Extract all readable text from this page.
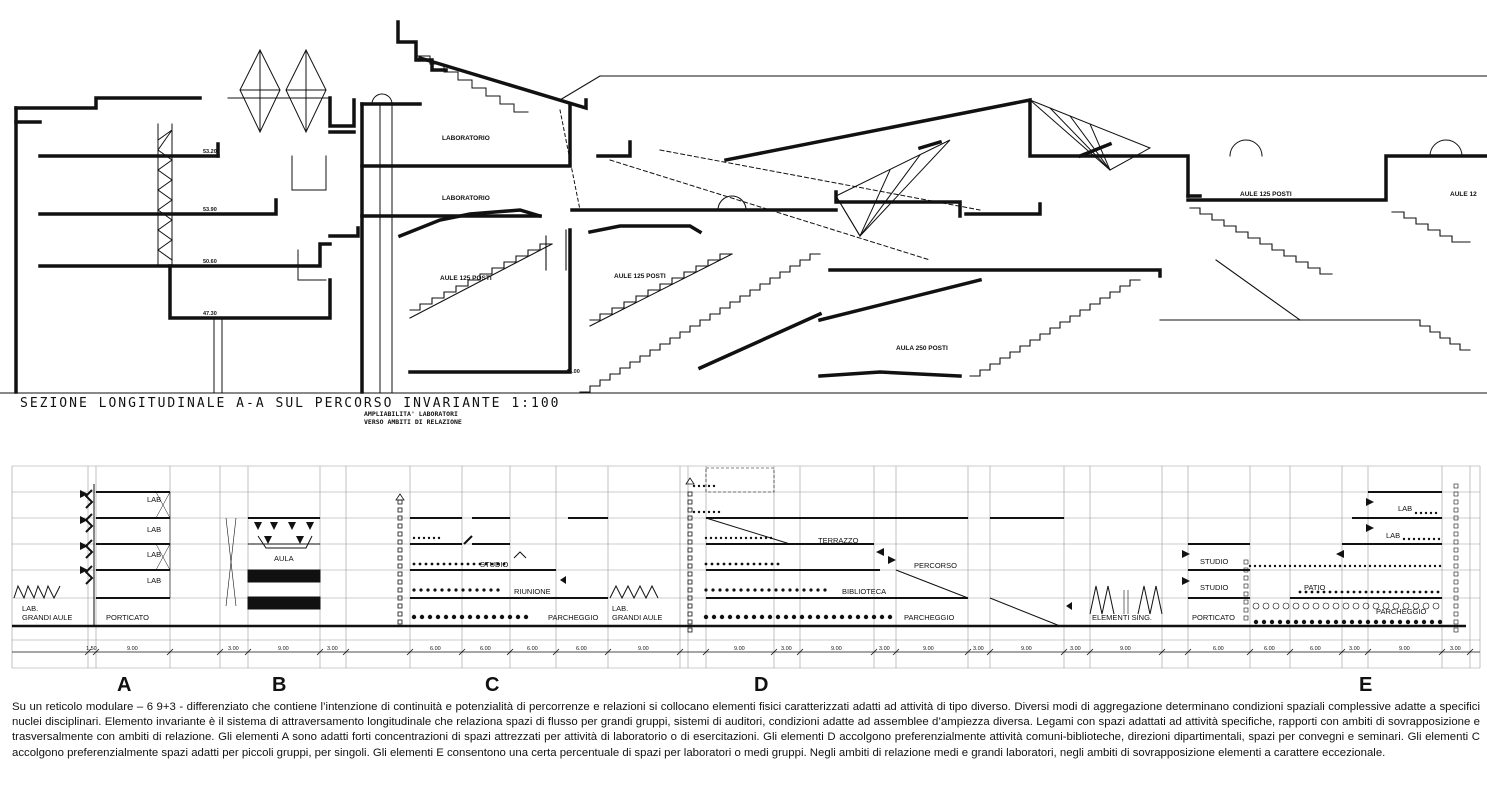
LABORATORIO
LABORATORIO
AULE 125 POSTI	AULE 125 POSTI
AULE 125 POSTI	AULE 12
AULA 250 POSTI
53.20
53.90
50.60
47.30
44.00
1.50	9.00	3.00	9.00	3.00	6.00	6.00	6.00	6.00	9.00	9.00	3.00	9.00	3.00	9.00	3.00	9.00	3.00	9.00	6.00	6.00	6.00	3.00	9.00	3.00
LAB
LAB
LAB
LAB
LAB.
GRANDI AULE	PORTICATO
AULA
PERCORSO
STUDENTI
STUDIO
RIUNIONE
PARCHEGGIO
LAB.
GRANDI AULE
TERRAZZO
PERCORSO
BIBLIOTECA
PARCHEGGIO	ELEMENTI SING.
STUDIO
STUDIO
PORTICATO
PATIO
PARCHEGGIO
LAB
LAB
SEZIONE LONGITUDINALE A-A SUL PERCORSO INVARIANTE 1:100
AMPLIABILITA' LABORATORI
VERSO AMBITI DI RELAZIONE
A	B	C	D	E
Su un reticolo modulare – 6 9+3 - differenziato che contiene l’intenzione di continuità e potenzialità di percorrenze e relazioni si collocano elementi fisici caratterizzati adatti ad attività di tipo diverso. Diversi modi di aggregazione determinano condizioni spaziali complessive adatte a specifici nuclei disciplinari. Elemento invariante è il sistema di attraversamento longitudinale che relaziona spazi di flusso per grandi gruppi, sistemi di auditori, condizioni adatte ad assemblee d’ampiezza diversa. Legami con spazi adattati ad attività specifiche, rapporti con ambiti di sovrapposizione e trasversalmente con ambiti di relazione. Gli elementi A sono adatti forti concentrazioni di spazi attrezzati per attività di laboratorio o di esercitazioni. Gli elementi D accolgono preferenzialmente attività comuni-biblioteche, direzioni dipartimentali, spazi per convegni e seminari. Gli elementi C accolgono preferenzialmente spazi adatti per piccoli gruppi, per singoli. Gli elementi E consentono una certa percentuale di spazi per laboratori o medi gruppi. Negli ambiti di relazione medi e grandi laboratori, negli ambiti di sovrapposizione elementi a carattere eccezionale.
